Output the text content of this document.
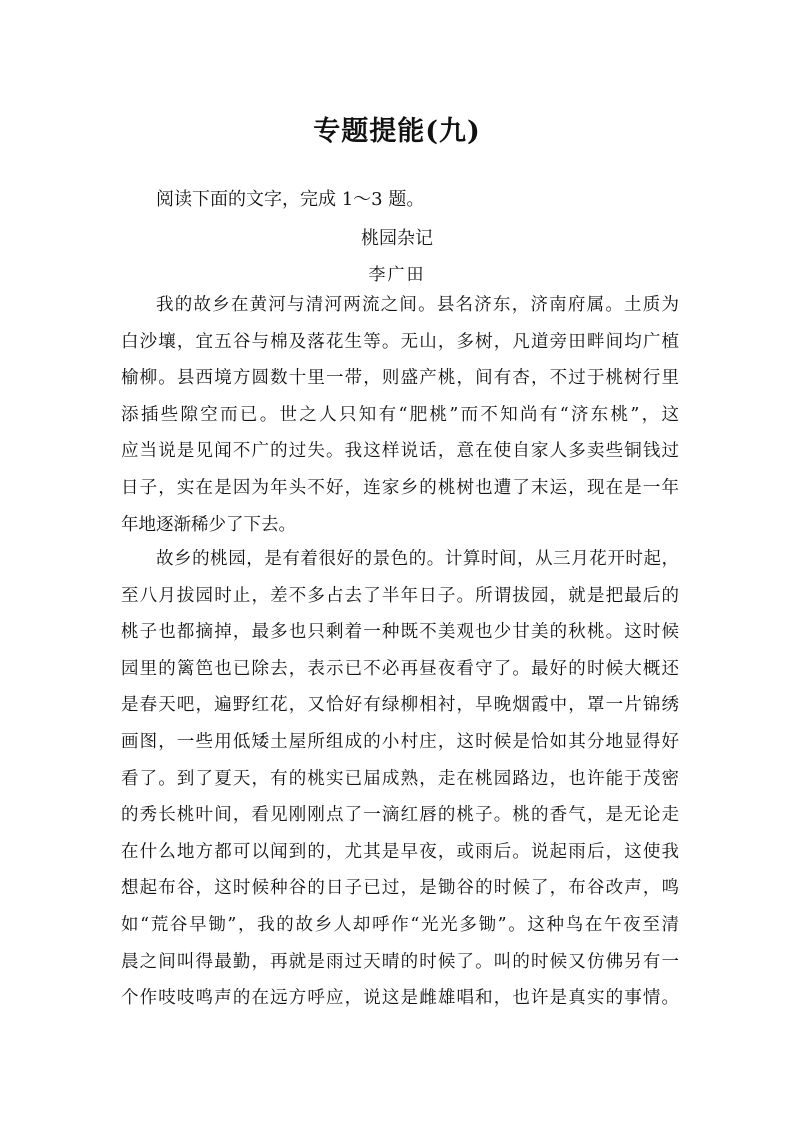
专题提能(九)
阅读下面的文字，完成 1～3 题。
桃园杂记
李广田
我的故乡在黄河与清河两流之间。县名济东，济南府属。土质为
白沙壤，宜五谷与棉及落花生等。无山，多树，凡道旁田畔间均广植
榆柳。县西境方圆数十里一带，则盛产桃，间有杏，不过于桃树行里
添插些隙空而已。世之人只知有“肥桃”而不知尚有“济东桃”，这
应当说是见闻不广的过失。我这样说话，意在使自家人多卖些铜钱过
日子，实在是因为年头不好，连家乡的桃树也遭了末运，现在是一年
年地逐渐稀少了下去。
故乡的桃园，是有着很好的景色的。计算时间，从三月花开时起，
至八月拔园时止，差不多占去了半年日子。所谓拔园，就是把最后的
桃子也都摘掉，最多也只剩着一种既不美观也少甘美的秋桃。这时候
园里的篱笆也已除去，表示已不必再昼夜看守了。最好的时候大概还
是春天吧，遍野红花，又恰好有绿柳相衬，早晚烟霞中，罩一片锦绣
画图，一些用低矮土屋所组成的小村庄，这时候是恰如其分地显得好
看了。到了夏天，有的桃实已届成熟，走在桃园路边，也许能于茂密
的秀长桃叶间，看见刚刚点了一滴红唇的桃子。桃的香气，是无论走
在什么地方都可以闻到的，尤其是早夜，或雨后。说起雨后，这使我
想起布谷，这时候种谷的日子已过，是锄谷的时候了，布谷改声，鸣
如“荒谷早锄”，我的故乡人却呼作“光光多锄”。这种鸟在午夜至清
晨之间叫得最勤，再就是雨过天晴的时候了。叫的时候又仿佛另有一
个作吱吱鸣声的在远方呼应，说这是雌雄唱和，也许是真实的事情。
